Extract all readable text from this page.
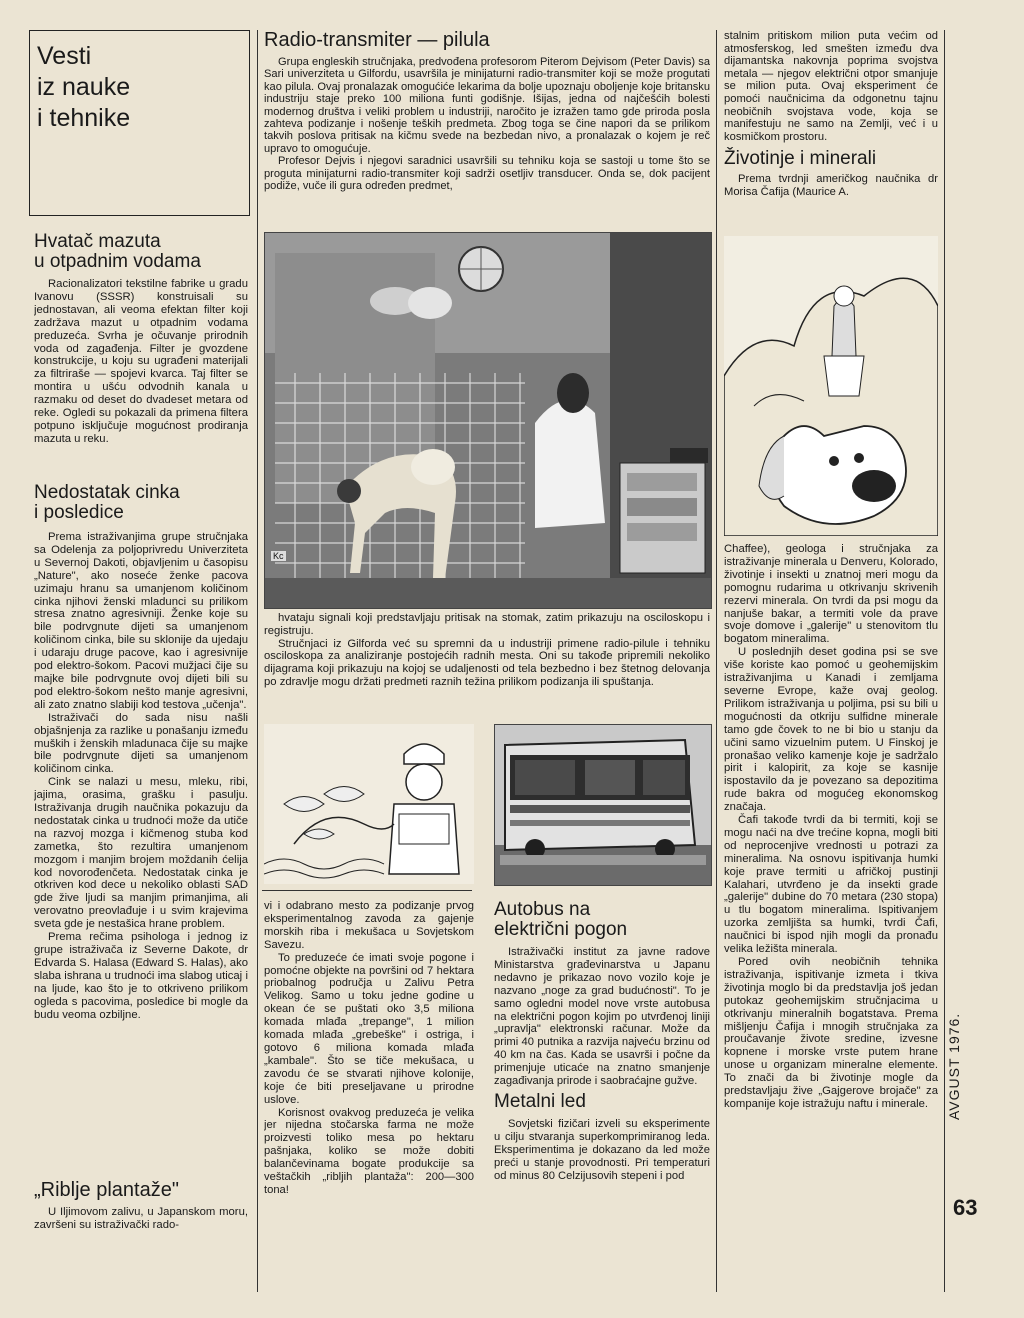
Vesti
iz nauke
i tehnike
Hvatač mazuta
u otpadnim vodama

Racionalizatori tekstilne fabrike u gradu Ivanovu (SSSR) konstruisali su jednostavan, ali veoma efektan filter koji zadržava mazut u otpadnim vodama preduzeća. Svrha je očuvanje prirodnih voda od zagađenja. Filter je gvozdene konstrukcije, u koju su ugrađeni materijali za filtriraše — spojevi kvarca. Taj filter se montira u ušću odvodnih kanala u razmaku od deset do dvadeset metara od reke. Ogledi su pokazali da primena filtera potpuno isključuje mogućnost prodiranja mazuta u reku.

Nedostatak cinka
i posledice

Prema istraživanjima grupe stručnjaka sa Odelenja za poljoprivredu Univerziteta u Severnoj Dakoti, objavljenim u časopisu „Nature", ako noseće ženke pacova uzimaju hranu sa umanjenom količinom cinka njihovi ženski mladunci su prilikom stresa znatno agresivniji. Ženke koje su bile podrvgnute dijeti sa umanjenom količinom cinka, bile su sklonije da ujedaju i udaraju druge pacove, kao i agresivnije pod elektro-šokom. Pacovi mužjaci čije su majke bile podrvgnute ovoj dijeti bili su pod elektro-šokom nešto manje agresivni, ali zato znatno slabiji kod testova „učenja".

Istraživači do sada nisu našli objašnjenja za razlike u ponašanju između muških i ženskih mladunaca čije su majke bile podrvgnute dijeti sa umanjenom količinom cinka.

Cink se nalazi u mesu, mleku, ribi, jajima, orasima, grašku i pasulju. Istraživanja drugih naučnika pokazuju da nedostatak cinka u trudnoći može da utiče na razvoj mozga i kičmenog stuba kod zametka, što rezultira umanjenom mozgom i manjim brojem moždanih ćelija kod novorođenčeta. Nedostatak cinka je otkriven kod dece u nekoliko oblasti SAD gde žive ljudi sa manjim primanjima, ali verovatno preovlađuje i u svim krajevima sveta gde je nestašica hrane problem.

Prema rečima psihologa i jednog iz grupe istraživača iz Severne Dakote, dr Edvarda S. Halasa (Edward S. Halas), ako slaba ishrana u trudnoći ima slabog uticaj i na ljude, kao što je to otkriveno prilikom ogleda s pacovima, posledice bi mogle da budu veoma ozbiljne.

„Riblje plantaže"

U Iljimovom zalivu, u Japanskom moru, završeni su istraživački rado-

Radio-transmiter — pilula

Grupa engleskih stručnjaka, predvođena profesorom Piterom Dejvisom (Peter Davis) sa Sari univerziteta u Gilfordu, usavršila je minijaturni radio-transmiter koji se može progutati kao pilula. Ovaj pronalazak omogućiće lekarima da bolje upoznaju oboljenje koje britansku industriju staje preko 100 miliona funti godišnje. Išijas, jedna od najčešćih bolesti modernog društva i veliki problem u industriji, naročito je izražen tamo gde priroda posla zahteva podizanje i nošenje teških predmeta. Zbog toga se čine napori da se prilikom takvih poslova pritisak na kičmu svede na bezbedan nivo, a pronalazak o kojem je reč upravo to omogućuje.

Profesor Dejvis i njegovi saradnici usavršili su tehniku koja se sastoji u tome što se proguta minijaturni radio-transmiter koji sadrži osetljiv transducer. Onda se, dok pacijent podiže, vuče ili gura određen predmet,

Kc

hvataju signali koji predstavljaju pritisak na stomak, zatim prikazuju na osciloskopu i registruju.

Stručnjaci iz Gilforda već su spremni da u industriji primene radio-pilule i tehniku osciloskopa za analiziranje postojećih radnih mesta. Oni su takođe pripremili nekoliko dijagrama koji prikazuju na kojoj se udaljenosti od tela bezbedno i bez štetnog delovanja po zdravlje mogu držati predmeti raznih težina prilikom podizanja ili spuštanja.

vi i odabrano mesto za podizanje prvog eksperimentalnog zavoda za gajenje morskih riba i mekušaca u Sovjetskom Savezu.

To preduzeće će imati svoje pogone i pomoćne objekte na površini od 7 hektara priobalnog područja u Zalivu Petra Velikog. Samo u toku jedne godine u okean će se puštati oko 3,5 miliona komada mlađa „trepange", 1 milion komada mlađa „grebeške" i ostriga, i gotovo 6 miliona komada mlađa „kambale". Što se tiče mekušaca, u zavodu će se stvarati njihove kolonije, koje će biti preseljavane u prirodne uslove.

Korisnost ovakvog preduzeća je velika jer nijedna stočarska farma ne može proizvesti toliko mesa po hektaru pašnjaka, koliko se može dobiti balančevinama bogate produkcije sa veštačkih „ribljih plantaža": 200—300 tona!

Autobus na
električni pogon

Istraživački institut za javne radove Ministarstva građevinarstva u Japanu nedavno je prikazao novo vozilo koje je nazvano „noge za grad budućnosti". To je samo ogledni model nove vrste autobusa na električni pogon kojim po utvrđenoj liniji „upravlja" elektronski računar. Može da primi 40 putnika a razvija najveću brzinu od 40 km na čas. Kada se usavrši i počne da primenjuje uticaće na znatno smanjenje zagađivanja prirode i saobraćajne gužve.

Metalni led

Sovjetski fizičari izveli su eksperimente u cilju stvaranja superkomprimiranog leda. Eksperimentima je dokazano da led može preći u stanje provodnosti. Pri temperaturi od minus 80 Celzijusovih stepeni i pod

stalnim pritiskom milion puta većim od atmosferskog, led smešten između dva dijamantska nakovnja poprima svojstva metala — njegov električni otpor smanjuje se milion puta. Ovaj eksperiment će pomoći naučnicima da odgonetnu tajnu neobičnih svojstava vode, koja se manifestuju ne samo na Zemlji, već i u kosmičkom prostoru.

Životinje i minerali

Prema tvrdnji američkog naučnika dr Morisa Čafija (Maurice A.

Chaffee), geologa i stručnjaka za istraživanje minerala u Denveru, Kolorado, životinje i insekti u znatnoj meri mogu da pomognu rudarima u otkrivanju skrivenih rezervi minerala. On tvrdi da psi mogu da nanjuše bakar, a termiti vole da prave svoje domove i „galerije" u stenovitom tlu bogatom mineralima.

U poslednjih deset godina psi se sve više koriste kao pomoć u geohemijskim istraživanjima u Kanadi i zemljama severne Evrope, kaže ovaj geolog. Prilikom istraživanja u poljima, psi su bili u mogućnosti da otkriju sulfidne minerale tamo gde čovek to ne bi bio u stanju da učini samo vizuelnim putem. U Finskoj je pronašao veliko kamenje koje je sadržalo pirit i kalopirit, za koje se kasnije ispostavilo da je povezano sa depozitima rude bakra od mogućeg ekonomskog značaja.

Čafi takođe tvrdi da bi termiti, koji se mogu naći na dve trećine kopna, mogli biti od neprocenjive vrednosti u potrazi za mineralima. Na osnovu ispitivanja humki koje prave termiti u afričkoj pustinji Kalahari, utvrđeno je da insekti grade „galerije" dubine do 70 metara (230 stopa) u tlu bogatom mineralima. Ispitivanjem uzorka zemljišta sa humki, tvrdi Čafi, naučnici bi ispod njih mogli da pronađu velika ležišta minerala.

Pored ovih neobičnih tehnika istraživanja, ispitivanje izmeta i tkiva životinja moglo bi da predstavlja još jedan putokaz geohemijskim stručnjacima u otkrivanju mineralnih bogatstava. Prema mišljenju Čafija i mnogih stručnjaka za proučavanje živote sredine, izvesne kopnene i morske vrste putem hrane unose u organizam mineralne elemente. To znači da bi životinje mogle da predstavljaju žive „Gajgerove brojače" za kompanije koje istražuju naftu i minerale.	AVGUST 1976.
63
